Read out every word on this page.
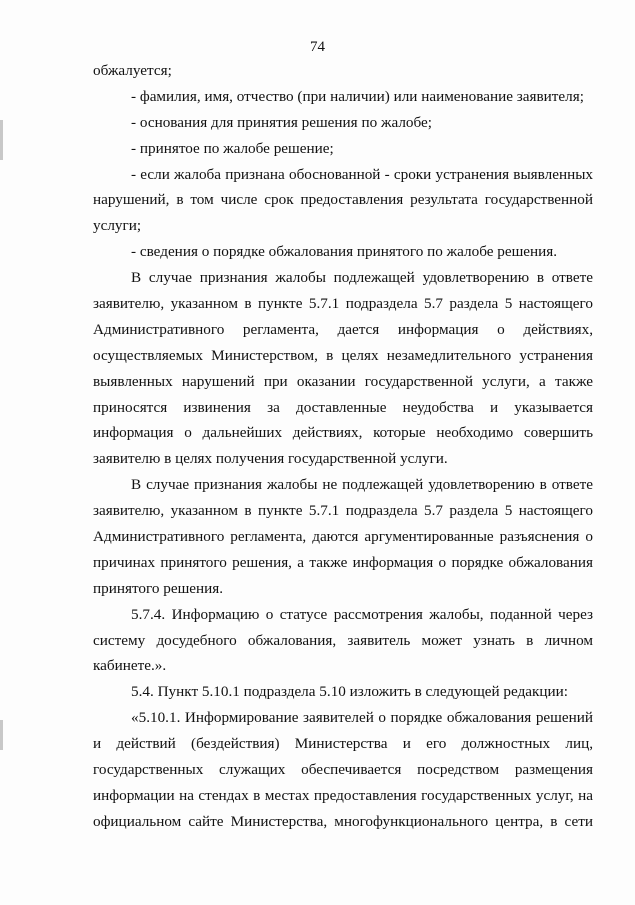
74
обжалуется;
- фамилия, имя, отчество (при наличии) или наименование заявителя;
- основания для принятия решения по жалобе;
- принятое по жалобе решение;
- если жалоба признана обоснованной - сроки устранения выявленных
нарушений, в том числе срок предоставления результата государственной
услуги;
- сведения о порядке обжалования принятого по жалобе решения.
В случае признания жалобы подлежащей удовлетворению в ответе
заявителю, указанном в пункте 5.7.1 подраздела 5.7 раздела 5 настоящего
Административного регламента, дается информация о действиях,
осуществляемых Министерством, в целях незамедлительного устранения
выявленных нарушений при оказании государственной услуги, а также
приносятся извинения за доставленные неудобства и указывается
информация о дальнейших действиях, которые необходимо совершить
заявителю в целях получения государственной услуги.
В случае признания жалобы не подлежащей удовлетворению в ответе
заявителю, указанном в пункте 5.7.1 подраздела 5.7 раздела 5 настоящего
Административного регламента, даются аргументированные разъяснения о
причинах принятого решения, а также информация о порядке обжалования
принятого решения.
5.7.4. Информацию о статусе рассмотрения жалобы, поданной через
систему досудебного обжалования, заявитель может узнать в личном
кабинете.».
5.4. Пункт 5.10.1 подраздела 5.10 изложить в следующей редакции:
«5.10.1. Информирование заявителей о порядке обжалования решений
и действий (бездействия) Министерства и его должностных лиц,
государственных служащих обеспечивается посредством размещения
информации на стендах в местах предоставления государственных услуг, на
официальном сайте Министерства, многофункционального центра, в сети
